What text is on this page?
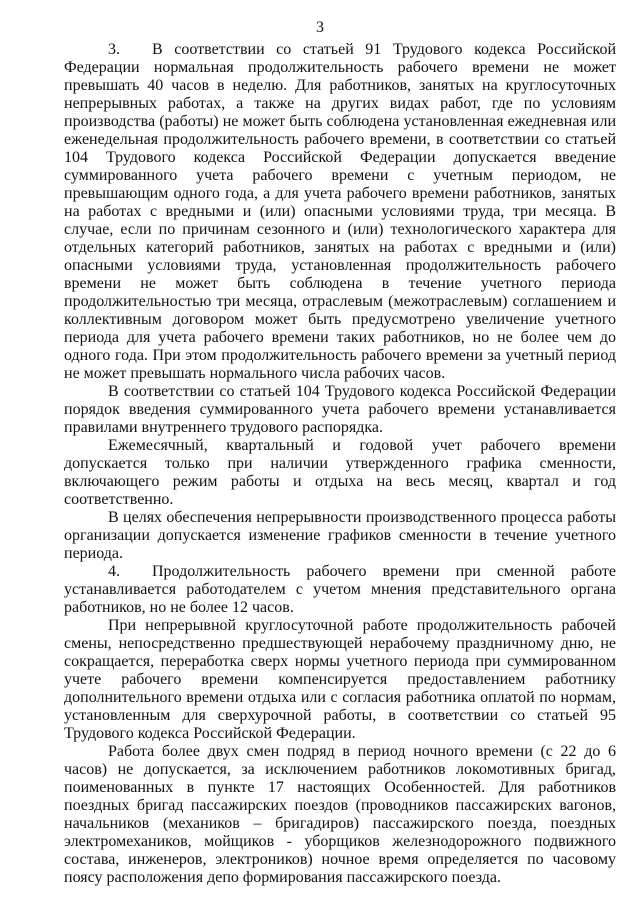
3

3.  В соответствии со статьей 91 Трудового кодекса Российской Федерации нормальная продолжительность рабочего времени не может превышать 40 часов в неделю. Для работников, занятых на круглосуточных непрерывных работах, а также на других видах работ, где по условиям производства (работы) не может быть соблюдена установленная ежедневная или еженедельная продолжительность рабочего времени, в соответствии со статьей 104 Трудового кодекса Российской Федерации допускается введение суммированного учета рабочего времени с учетным периодом, не превышающим одного года, а для учета рабочего времени работников, занятых на работах с вредными и (или) опасными условиями труда, три месяца. В случае, если по причинам сезонного и (или) технологического характера для отдельных категорий работников, занятых на работах с вредными и (или) опасными условиями труда, установленная продолжительность рабочего времени не может быть соблюдена в течение учетного периода продолжительностью три месяца, отраслевым (межотраслевым) соглашением и коллективным договором может быть предусмотрено увеличение учетного периода для учета рабочего времени таких работников, но не более чем до одного года. При этом продолжительность рабочего времени за учетный период не может превышать нормального числа рабочих часов.

В соответствии со статьей 104 Трудового кодекса Российской Федерации порядок введения суммированного учета рабочего времени устанавливается правилами внутреннего трудового распорядка.

Ежемесячный, квартальный и годовой учет рабочего времени допускается только при наличии утвержденного графика сменности, включающего режим работы и отдыха на весь месяц, квартал и год соответственно.

В целях обеспечения непрерывности производственного процесса работы организации допускается изменение графиков сменности в течение учетного периода.

4.  Продолжительность рабочего времени при сменной работе устанавливается работодателем с учетом мнения представительного органа работников, но не более 12 часов.

При непрерывной круглосуточной работе продолжительность рабочей смены, непосредственно предшествующей нерабочему праздничному дню, не сокращается, переработка сверх нормы учетного периода при суммированном учете рабочего времени компенсируется предоставлением работнику дополнительного времени отдыха или с согласия работника оплатой по нормам, установленным для сверхурочной работы, в соответствии со статьей 95 Трудового кодекса Российской Федерации.

Работа более двух смен подряд в период ночного времени (с 22 до 6 часов) не допускается, за исключением работников локомотивных бригад, поименованных в пункте 17 настоящих Особенностей. Для работников поездных бригад пассажирских поездов (проводников пассажирских вагонов, начальников (механиков – бригадиров) пассажирского поезда, поездных электромехаников, мойщиков - уборщиков железнодорожного подвижного состава, инженеров, электроников) ночное время определяется по часовому поясу расположения депо формирования пассажирского поезда.
